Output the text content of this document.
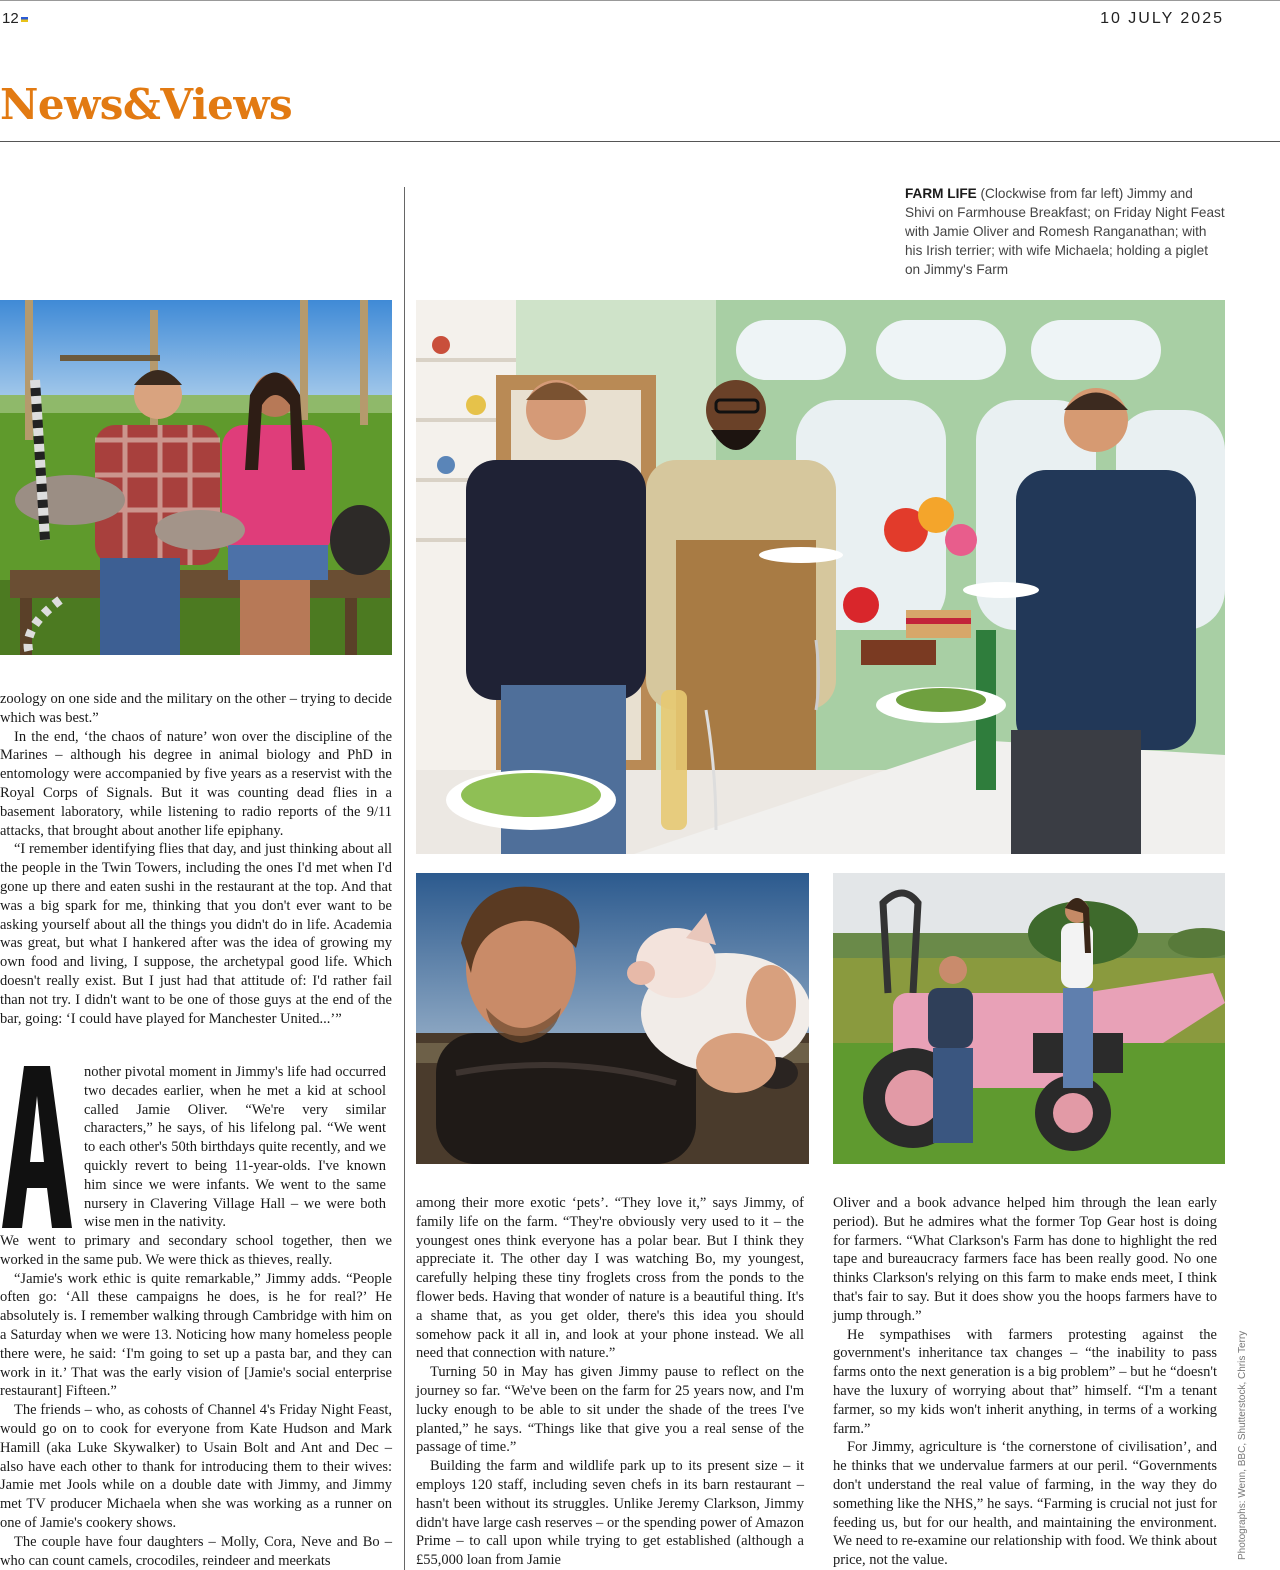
12	10 JULY 2025
News&Views
FARM LIFE (Clockwise from far left) Jimmy and Shivi on Farmhouse Breakfast; on Friday Night Feast with Jamie Oliver and Romesh Ranganathan; with his Irish terrier; with wife Michaela; holding a piglet on Jimmy's Farm

zoology on one side and the military on the other – trying to decide which was best.”

In the end, ‘the chaos of nature’ won over the discipline of the Marines – although his degree in animal biology and PhD in entomology were accompanied by five years as a reservist with the Royal Corps of Signals. But it was counting dead flies in a basement laboratory, while listening to radio reports of the 9/11 attacks, that brought about another life epiphany.

“I remember identifying flies that day, and just thinking about all the people in the Twin Towers, including the ones I'd met when I'd gone up there and eaten sushi in the restaurant at the top. And that was a big spark for me, thinking that you don't ever want to be asking yourself about all the things you didn't do in life. Academia was great, but what I hankered after was the idea of growing my own food and living, I suppose, the archetypal good life. Which doesn't really exist. But I just had that attitude of: I'd rather fail than not try. I didn't want to be one of those guys at the end of the bar, going: ‘I could have played for Manchester United...’”

nother pivotal moment in Jimmy's life had occurred two decades earlier, when he met a kid at school called Jamie Oliver. “We're very similar characters,” he says, of his lifelong pal. “We went to each other's 50th birthdays quite recently, and we quickly revert to being 11-year-olds. I've known him since we were infants. We went to the same nursery in Clavering Village Hall – we were both wise men in the nativity.

We went to primary and secondary school together, then we worked in the same pub. We were thick as thieves, really.

“Jamie's work ethic is quite remarkable,” Jimmy adds. “People often go: ‘All these campaigns he does, is he for real?’ He absolutely is. I remember walking through Cambridge with him on a Saturday when we were 13. Noticing how many homeless people there were, he said: ‘I'm going to set up a pasta bar, and they can work in it.’ That was the early vision of [Jamie's social enterprise restaurant] Fifteen.”

The friends – who, as cohosts of Channel 4's Friday Night Feast, would go on to cook for everyone from Kate Hudson and Mark Hamill (aka Luke Skywalker) to Usain Bolt and Ant and Dec – also have each other to thank for introducing them to their wives: Jamie met Jools while on a double date with Jimmy, and Jimmy met TV producer Michaela when she was working as a runner on one of Jamie's cookery shows.

The couple have four daughters – Molly, Cora, Neve and Bo – who can count camels, crocodiles, reindeer and meerkats

among their more exotic ‘pets’. “They love it,” says Jimmy, of family life on the farm. “They're obviously very used to it – the youngest ones think everyone has a polar bear. But I think they appreciate it. The other day I was watching Bo, my youngest, carefully helping these tiny froglets cross from the ponds to the flower beds. Having that wonder of nature is a beautiful thing. It's a shame that, as you get older, there's this idea you should somehow pack it all in, and look at your phone instead. We all need that connection with nature.”

Turning 50 in May has given Jimmy pause to reflect on the journey so far. “We've been on the farm for 25 years now, and I'm lucky enough to be able to sit under the shade of the trees I've planted,” he says. “Things like that give you a real sense of the passage of time.”

Building the farm and wildlife park up to its present size – it employs 120 staff, including seven chefs in its barn restaurant – hasn't been without its struggles. Unlike Jeremy Clarkson, Jimmy didn't have large cash reserves – or the spending power of Amazon Prime – to call upon while trying to get established (although a £55,000 loan from Jamie

Oliver and a book advance helped him through the lean early period). But he admires what the former Top Gear host is doing for farmers. “What Clarkson's Farm has done to highlight the red tape and bureaucracy farmers face has been really good. No one thinks Clarkson's relying on this farm to make ends meet, I think that's fair to say. But it does show you the hoops farmers have to jump through.”

He sympathises with farmers protesting against the government's inheritance tax changes – “the inability to pass farms onto the next generation is a big problem” – but he “doesn't have the luxury of worrying about that” himself. “I'm a tenant farmer, so my kids won't inherit anything, in terms of a working farm.”

For Jimmy, agriculture is ‘the cornerstone of civilisation’, and he thinks that we undervalue farmers at our peril. “Governments don't understand the real value of farming, in the way they do something like the NHS,” he says. “Farming is crucial not just for feeding us, but for our health, and maintaining the environment. We need to re-examine our relationship with food. We think about price, not the value.

Photographs: Wenn, BBC, Shutterstock, Chris Terry
